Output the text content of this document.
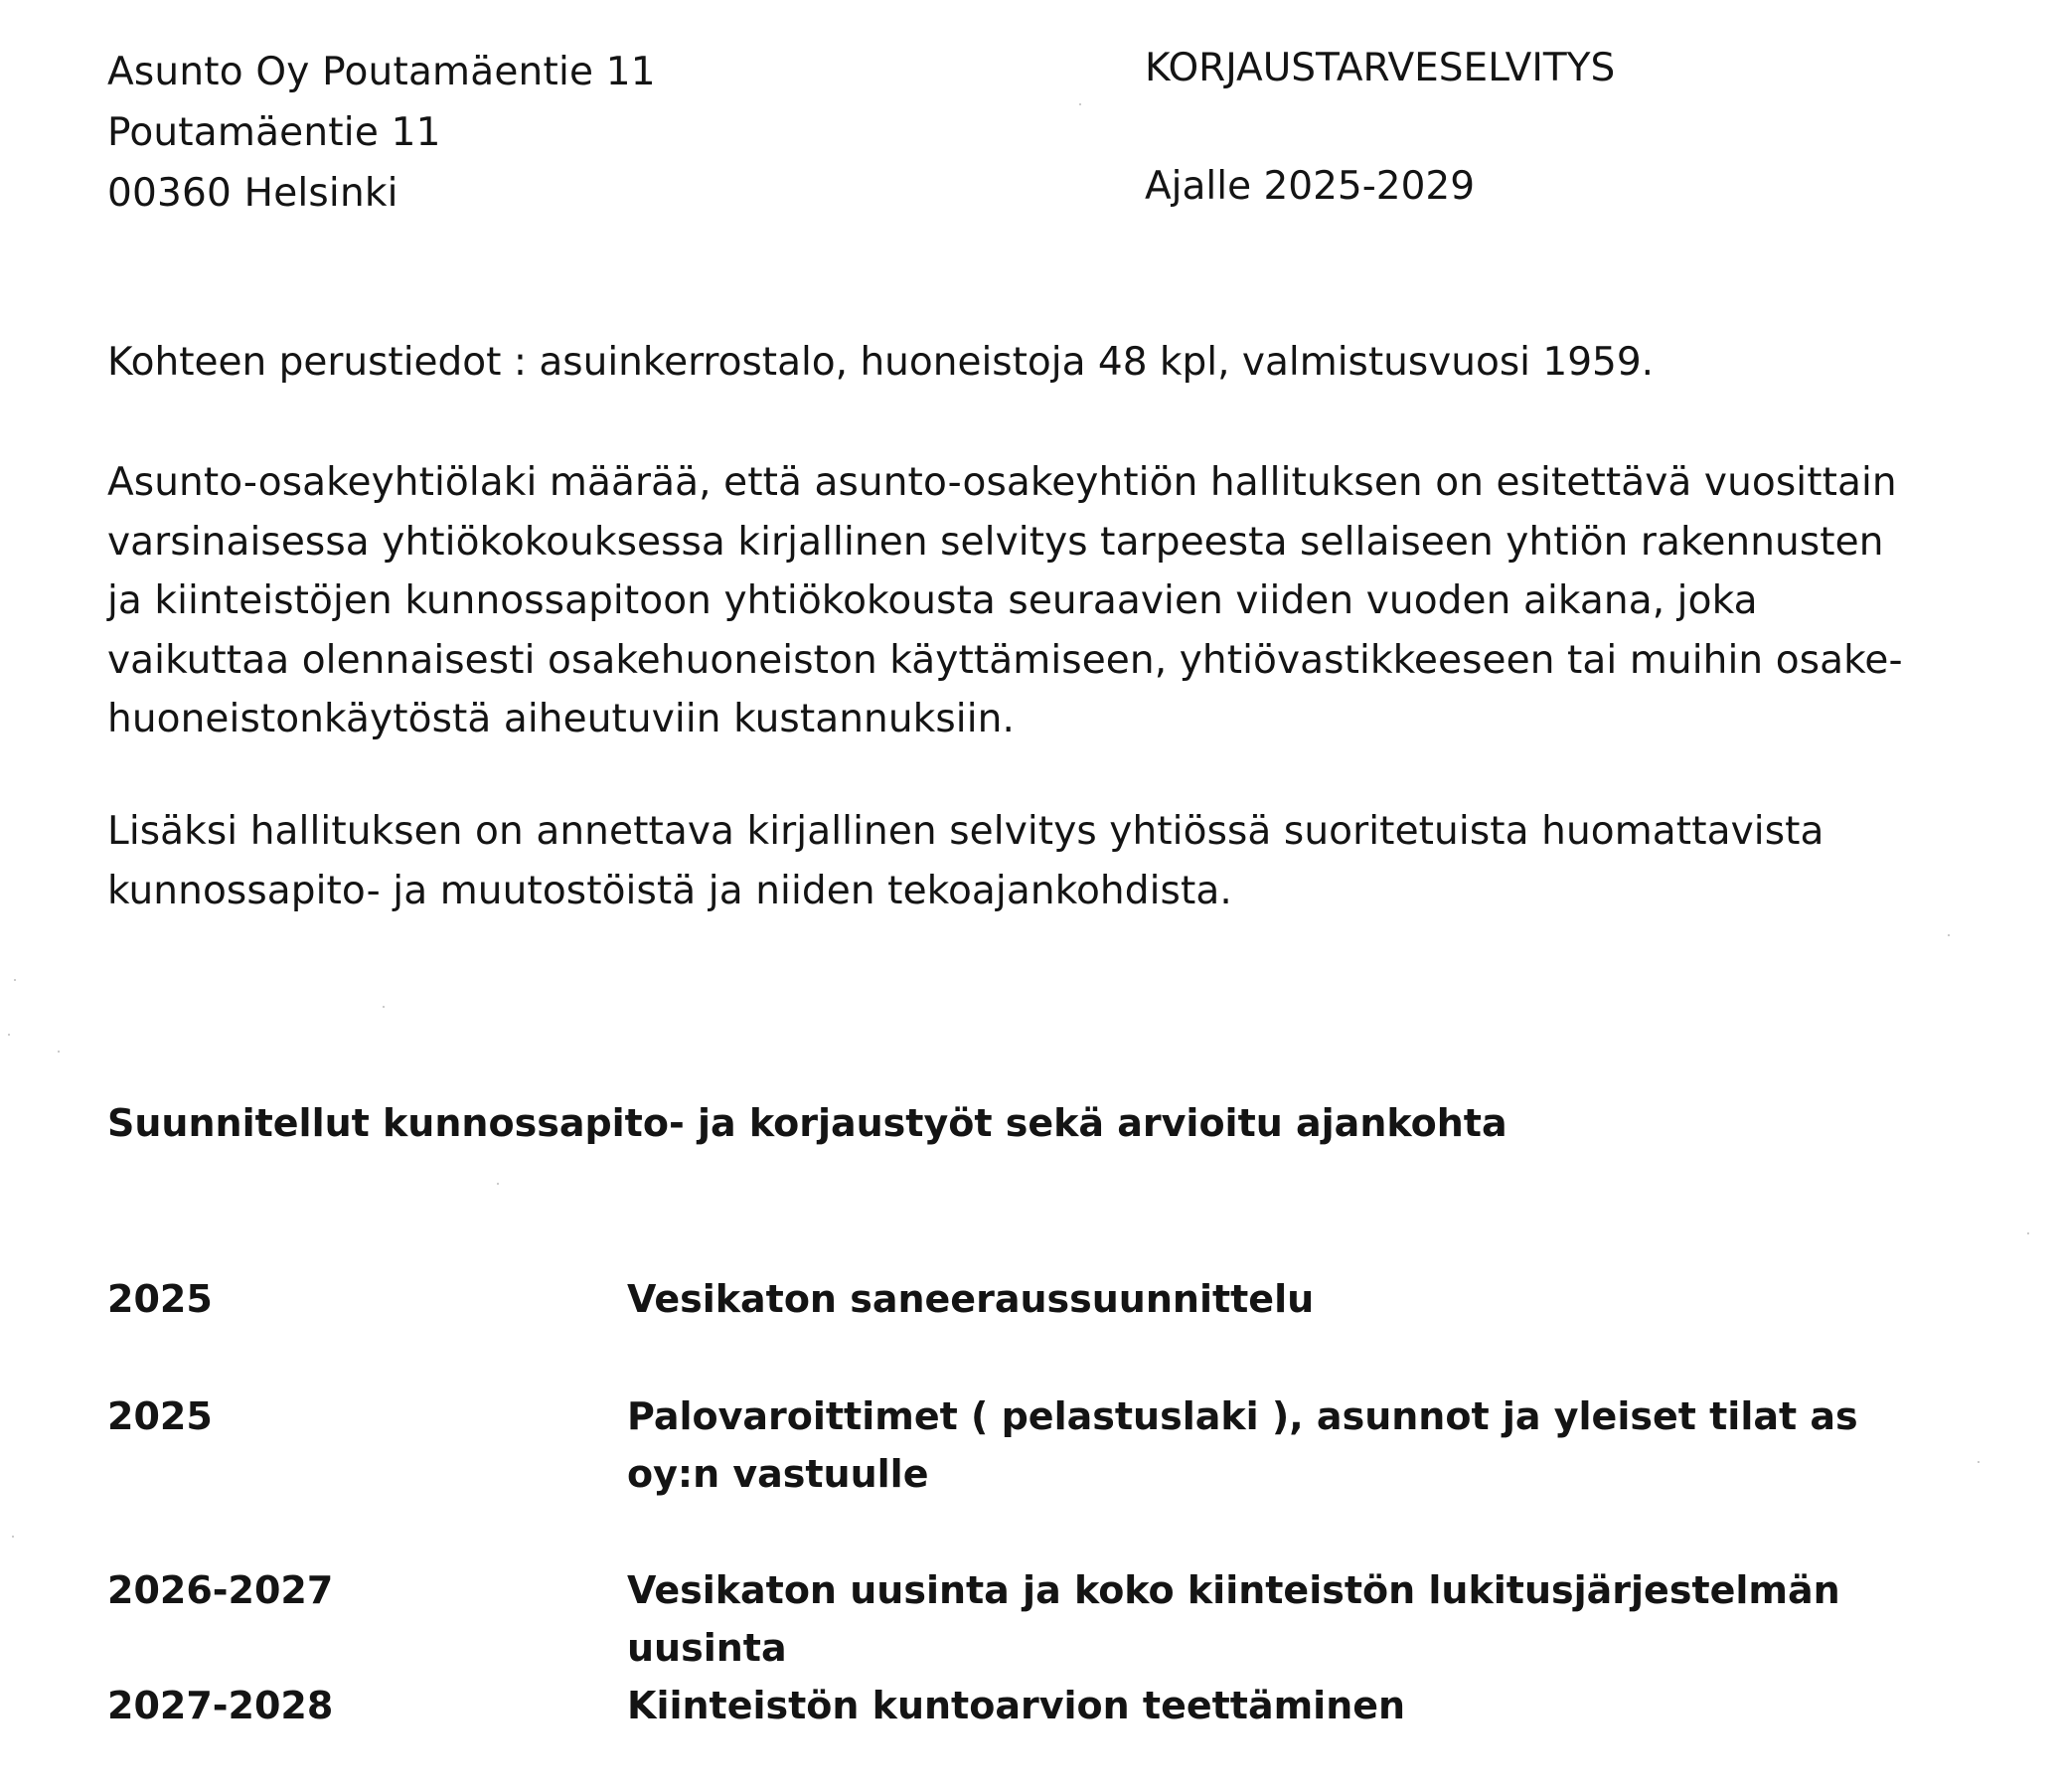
Asunto Oy Poutamäentie 11
Poutamäentie 11
00360 Helsinki
KORJAUSTARVESELVITYS
Ajalle 2025-2029
Kohteen perustiedot : asuinkerrostalo, huoneistoja 48 kpl, valmistusvuosi 1959.
Asunto-osakeyhtiölaki määrää, että asunto-osakeyhtiön hallituksen on esitettävä vuosittain
varsinaisessa yhtiökokouksessa kirjallinen selvitys tarpeesta sellaiseen yhtiön rakennusten
ja kiinteistöjen kunnossapitoon yhtiökokousta seuraavien viiden vuoden aikana, joka
vaikuttaa olennaisesti osakehuoneiston käyttämiseen, yhtiövastikkeeseen tai muihin osake-
huoneistonkäytöstä aiheutuviin kustannuksiin.
Lisäksi hallituksen on annettava kirjallinen selvitys yhtiössä suoritetuista huomattavista
kunnossapito- ja muutostöistä ja niiden tekoajankohdista.
Suunnitellut kunnossapito- ja korjaustyöt sekä arvioitu ajankohta
2025	Vesikaton saneeraussuunnittelu
2025	Palovaroittimet ( pelastuslaki ), asunnot ja yleiset tilat as oy:n vastuulle
2026-2027	Vesikaton uusinta ja koko kiinteistön lukitusjärjestelmän uusinta
2027-2028	Kiinteistön kuntoarvion teettäminen
